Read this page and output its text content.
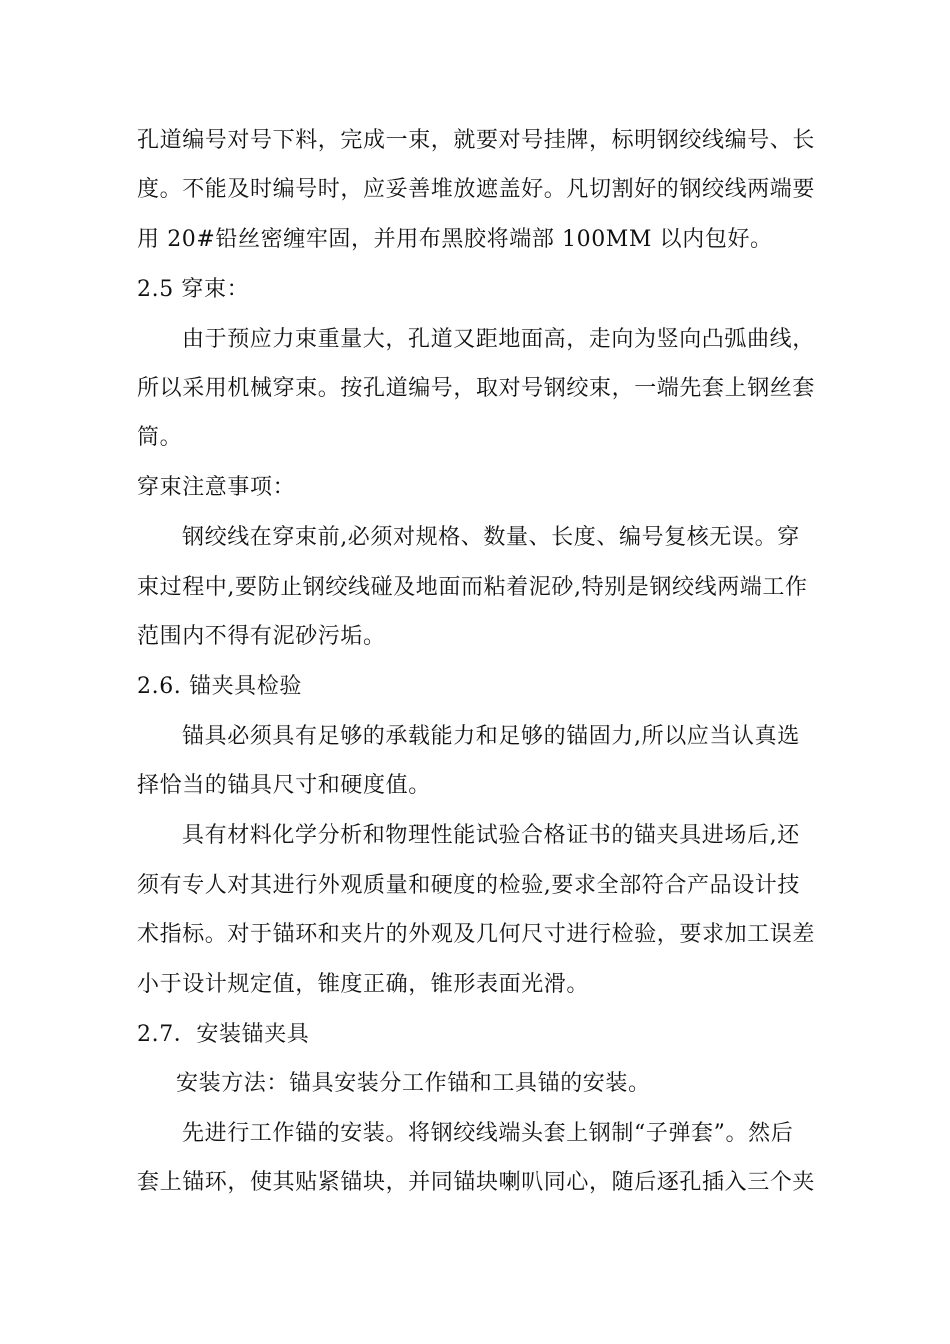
孔道编号对号下料，完成一束，就要对号挂牌，标明钢绞线编号、长
度。不能及时编号时，应妥善堆放遮盖好。凡切割好的钢绞线两端要
用 20#铅丝密缠牢固，并用布黑胶将端部 100MM 以内包好。
2.5 穿束：
由于预应力束重量大，孔道又距地面高，走向为竖向凸弧曲线，
所以采用机械穿束。按孔道编号，取对号钢绞束，一端先套上钢丝套
筒。
穿束注意事项：
钢绞线在穿束前,必须对规格、数量、长度、编号复核无误。穿
束过程中,要防止钢绞线碰及地面而粘着泥砂,特别是钢绞线两端工作
范围内不得有泥砂污垢。
2.6. 锚夹具检验
锚具必须具有足够的承载能力和足够的锚固力,所以应当认真选
择恰当的锚具尺寸和硬度值。
具有材料化学分析和物理性能试验合格证书的锚夹具进场后,还
须有专人对其进行外观质量和硬度的检验,要求全部符合产品设计技
术指标。对于锚环和夹片的外观及几何尺寸进行检验，要求加工误差
小于设计规定值，锥度正确，锥形表面光滑。
2.7．安装锚夹具
安装方法：锚具安装分工作锚和工具锚的安装。
先进行工作锚的安装。将钢绞线端头套上钢制“子弹套”。然后
套上锚环，使其贴紧锚块，并同锚块喇叭同心，随后逐孔插入三个夹
